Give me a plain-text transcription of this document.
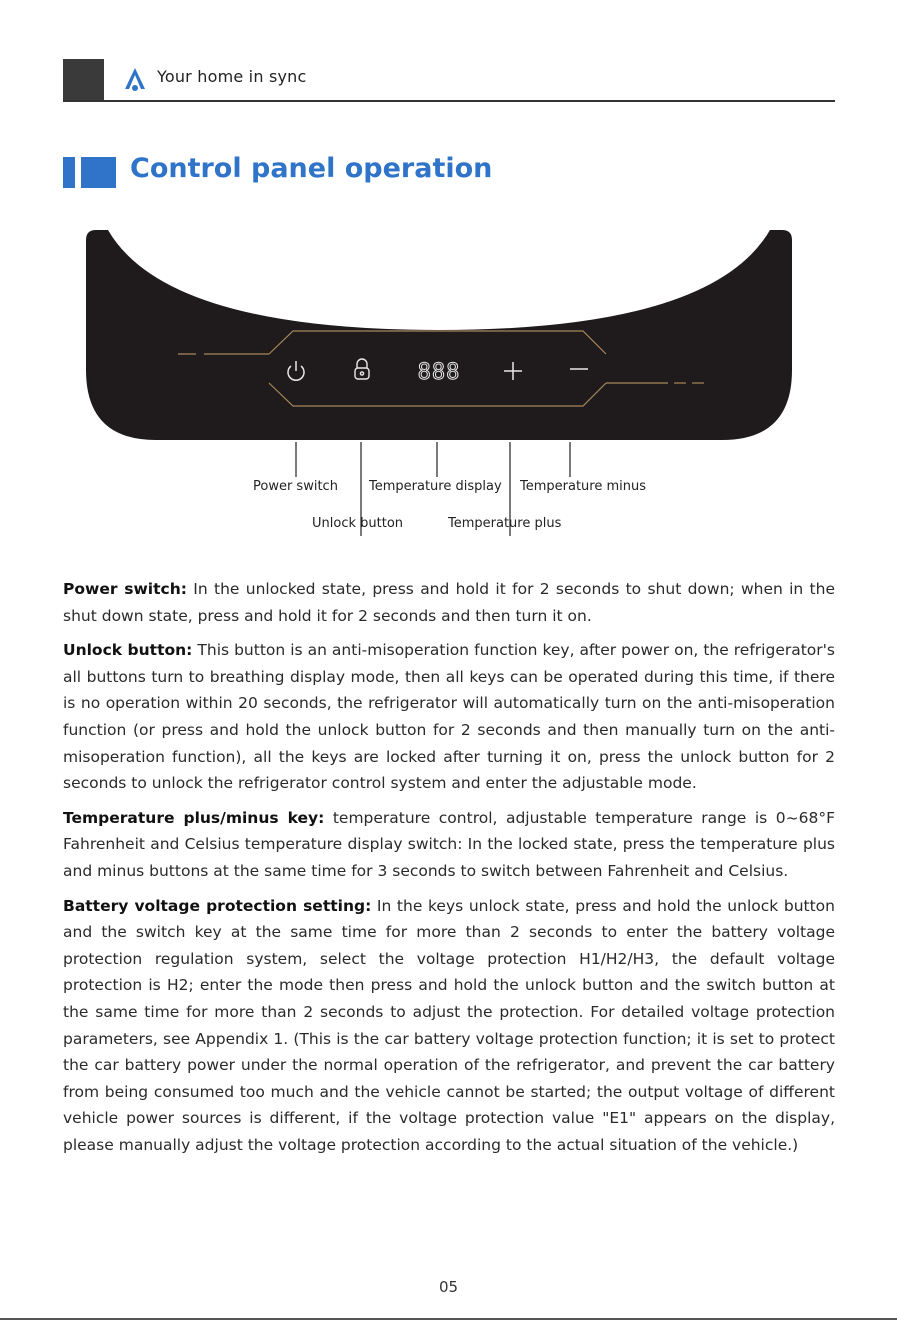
Your home in sync
Control panel operation
888
Power switch Temperature display Temperature minus
Unlock button	Temperature plus

Power switch: In the unlocked state, press and hold it for 2 seconds to shut down; when in the shut down state, press and hold it for 2 seconds and then turn it on.

Unlock button: This button is an anti-misoperation function key, after power on, the refrigerator's all buttons turn to breathing display mode, then all keys can be operated during this time, if there is no operation within 20 seconds, the refrigerator will automatically turn on the anti-misoperation function (or press and hold the unlock button for 2 seconds and then manually turn on the anti-misoperation function), all the keys are locked after turning it on, press the unlock button for 2 seconds to unlock the refrigerator control system and enter the adjustable mode.

Temperature plus/minus key: temperature control, adjustable temperature range is 0~68°F Fahrenheit and Celsius temperature display switch: In the locked state, press the temperature plus and minus buttons at the same time for 3 seconds to switch between Fahrenheit and Celsius.

Battery voltage protection setting: In the keys unlock state, press and hold the unlock button and the switch key at the same time for more than 2 seconds to enter the battery voltage protection regulation system, select the voltage protection H1/H2/H3, the default voltage protection is H2; enter the mode then press and hold the unlock button and the switch button at the same time for more than 2 seconds to adjust the protection. For detailed voltage protection parameters, see Appendix 1. (This is the car battery voltage protection function; it is set to protect the car battery power under the normal operation of the refrigerator, and prevent the car battery from being consumed too much and the vehicle cannot be started; the output voltage of different vehicle power sources is different, if the voltage protection value "E1" appears on the display, please manually adjust the voltage protection according to the actual situation of the vehicle.)

05
